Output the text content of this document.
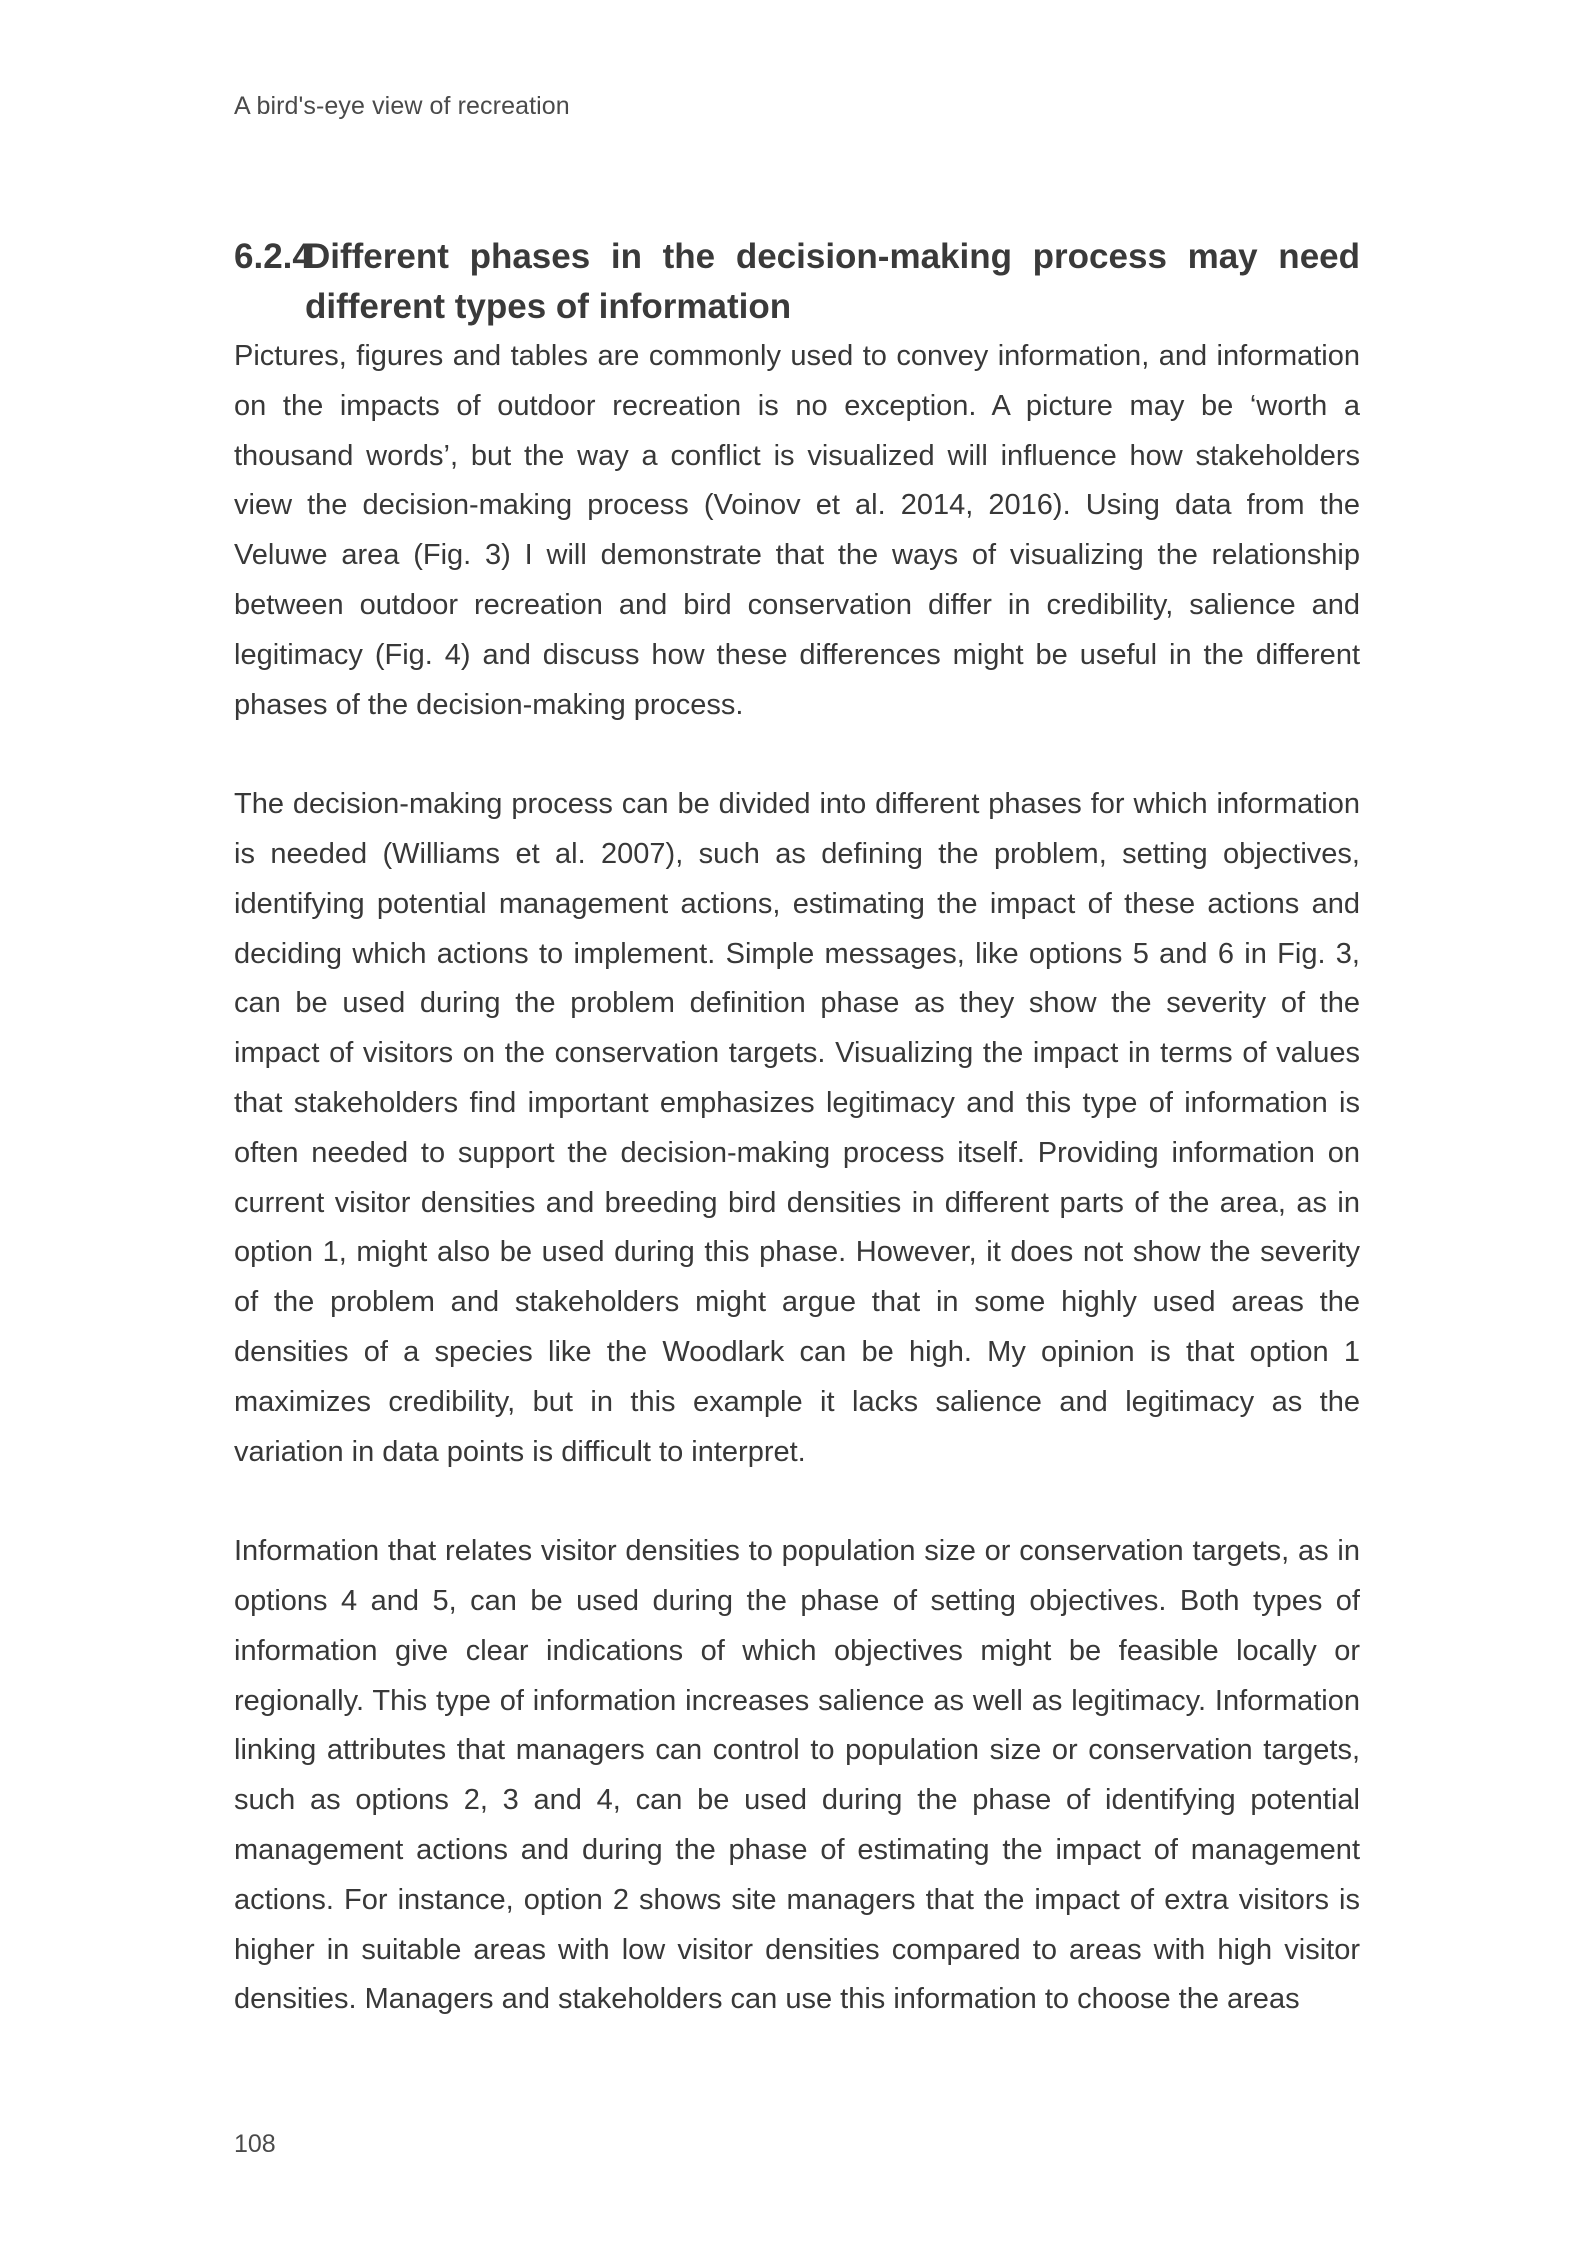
A bird's-eye view of recreation
6.2.4
Different phases in the decision-making process may need different types of information

Pictures, figures and tables are commonly used to convey information, and information on the impacts of outdoor recreation is no exception. A picture may be ‘worth a thousand words’, but the way a conflict is visualized will influence how stakeholders view the decision-making process (Voinov et al. 2014, 2016). Using data from the Veluwe area (Fig. 3) I will demonstrate that the ways of visualizing the relationship between outdoor recreation and bird conservation differ in credibility, salience and legitimacy (Fig. 4) and discuss how these differences might be useful in the different phases of the decision-making process.

The decision-making process can be divided into different phases for which information is needed (Williams et al. 2007), such as defining the problem, setting objectives, identifying potential management actions, estimating the impact of these actions and deciding which actions to implement. Simple messages, like options 5 and 6 in Fig. 3, can be used during the problem definition phase as they show the severity of the impact of visitors on the conservation targets. Visualizing the impact in terms of values that stakeholders find important emphasizes legitimacy and this type of information is often needed to support the decision-making process itself. Providing information on current visitor densities and breeding bird densities in different parts of the area, as in option 1, might also be used during this phase. However, it does not show the severity of the problem and stakeholders might argue that in some highly used areas the densities of a species like the Woodlark can be high. My opinion is that option 1 maximizes credibility, but in this example it lacks salience and legitimacy as the variation in data points is difficult to interpret.

Information that relates visitor densities to population size or conservation targets, as in options 4 and 5, can be used during the phase of setting objectives. Both types of information give clear indications of which objectives might be feasible locally or regionally. This type of information increases salience as well as legitimacy. Information linking attributes that managers can control to population size or conservation targets, such as options 2, 3 and 4, can be used during the phase of identifying potential management actions and during the phase of estimating the impact of management actions. For instance, option 2 shows site managers that the impact of extra visitors is higher in suitable areas with low visitor densities compared to areas with high visitor densities. Managers and stakeholders can use this information to choose the areas

108
